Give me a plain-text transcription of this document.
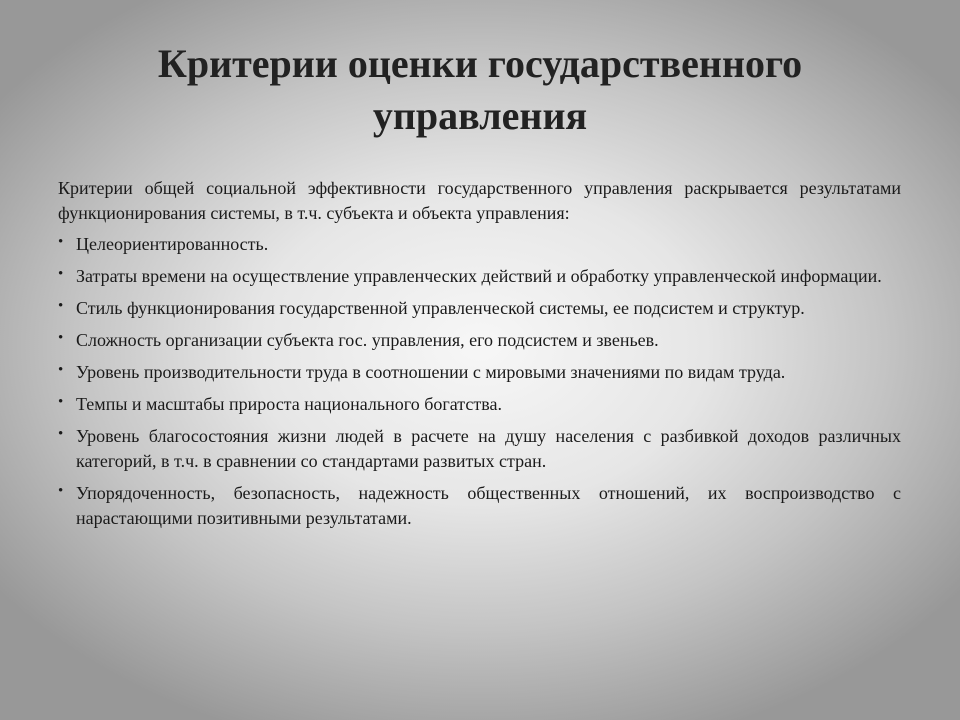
Критерии оценки государственного
управления

Критерии общей социальной эффективности государственного управления раскрывается результатами функционирования системы, в т.ч. субъекта и объекта управления:

• Целеориентированность.
• Затраты времени на осуществление управленческих действий и обработку управленческой информации.
• Стиль функционирования государственной управленческой системы, ее подсистем и структур.
• Сложность организации субъекта гос. управления, его подсистем и звеньев.
• Уровень производительности труда в соотношении с мировыми значениями по видам труда.
• Темпы и масштабы прироста национального богатства.
• Уровень благосостояния жизни людей в расчете на душу населения с разбивкой доходов различных категорий, в т.ч. в сравнении со стандартами развитых стран.
• Упорядоченность, безопасность, надежность общественных отношений, их воспроизводство с нарастающими позитивными результатами.
